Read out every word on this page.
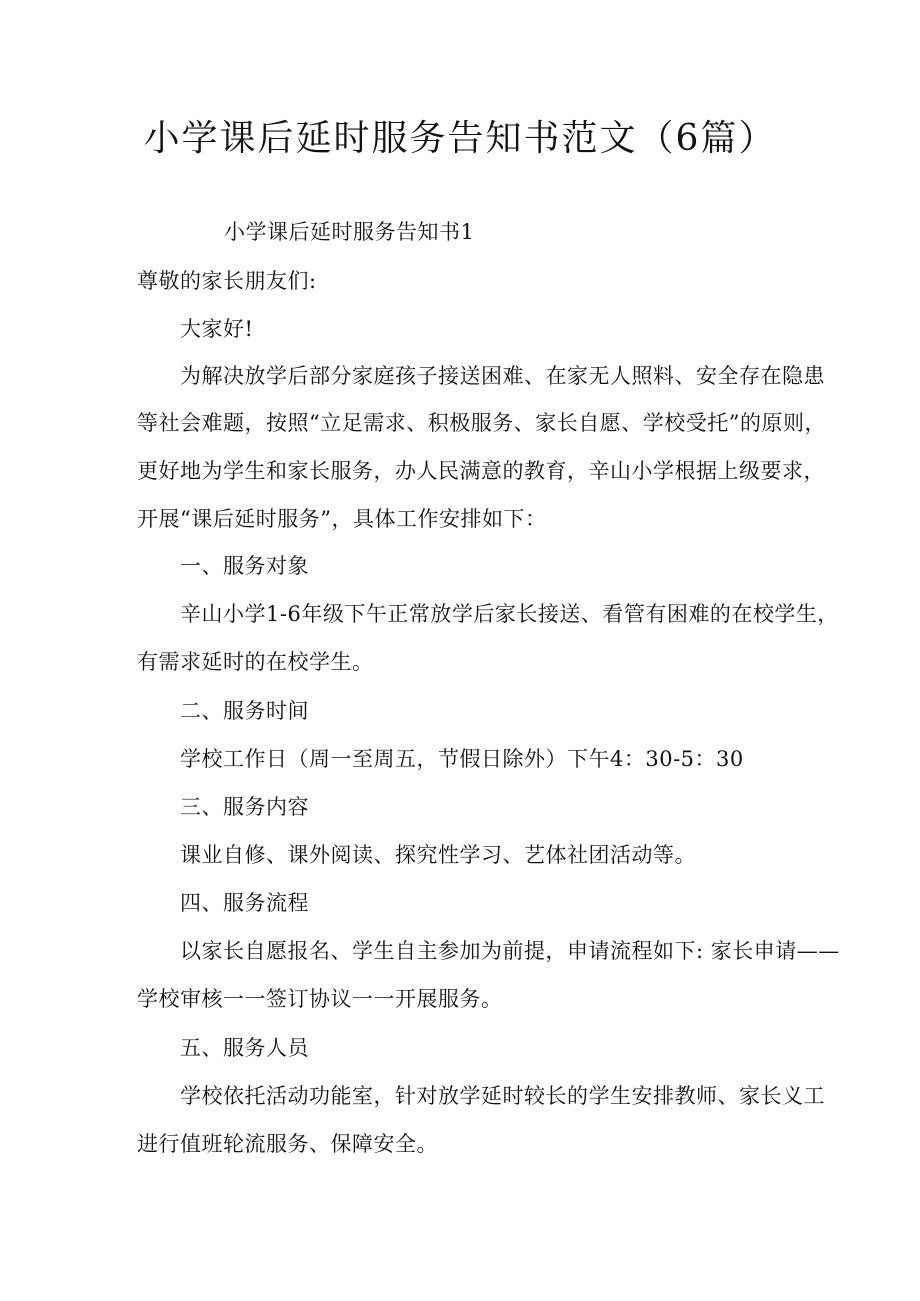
小学课后延时服务告知书范文（6篇）
小学课后延时服务告知书1
尊敬的家长朋友们:
大家好!
为解决放学后部分家庭孩子接送困难、在家无人照料、安全存在隐患
等社会难题，按照“立足需求、积极服务、家长自愿、学校受托”的原则，
更好地为学生和家长服务，办人民满意的教育，辛山小学根据上级要求，
开展“课后延时服务”，具体工作安排如下：
一、服务对象
辛山小学1-6年级下午正常放学后家长接送、看管有困难的在校学生，
有需求延时的在校学生。
二、服务时间
学校工作日（周一至周五，节假日除外）下午4：30-5：30
三、服务内容
课业自修、课外阅读、探究性学习、艺体社团活动等。
四、服务流程
以家长自愿报名、学生自主参加为前提，申请流程如下: 家长申请——
学校审核一一签订协议一一开展服务。
五、服务人员
学校依托活动功能室，针对放学延时较长的学生安排教师、家长义工
进行值班轮流服务、保障安全。
